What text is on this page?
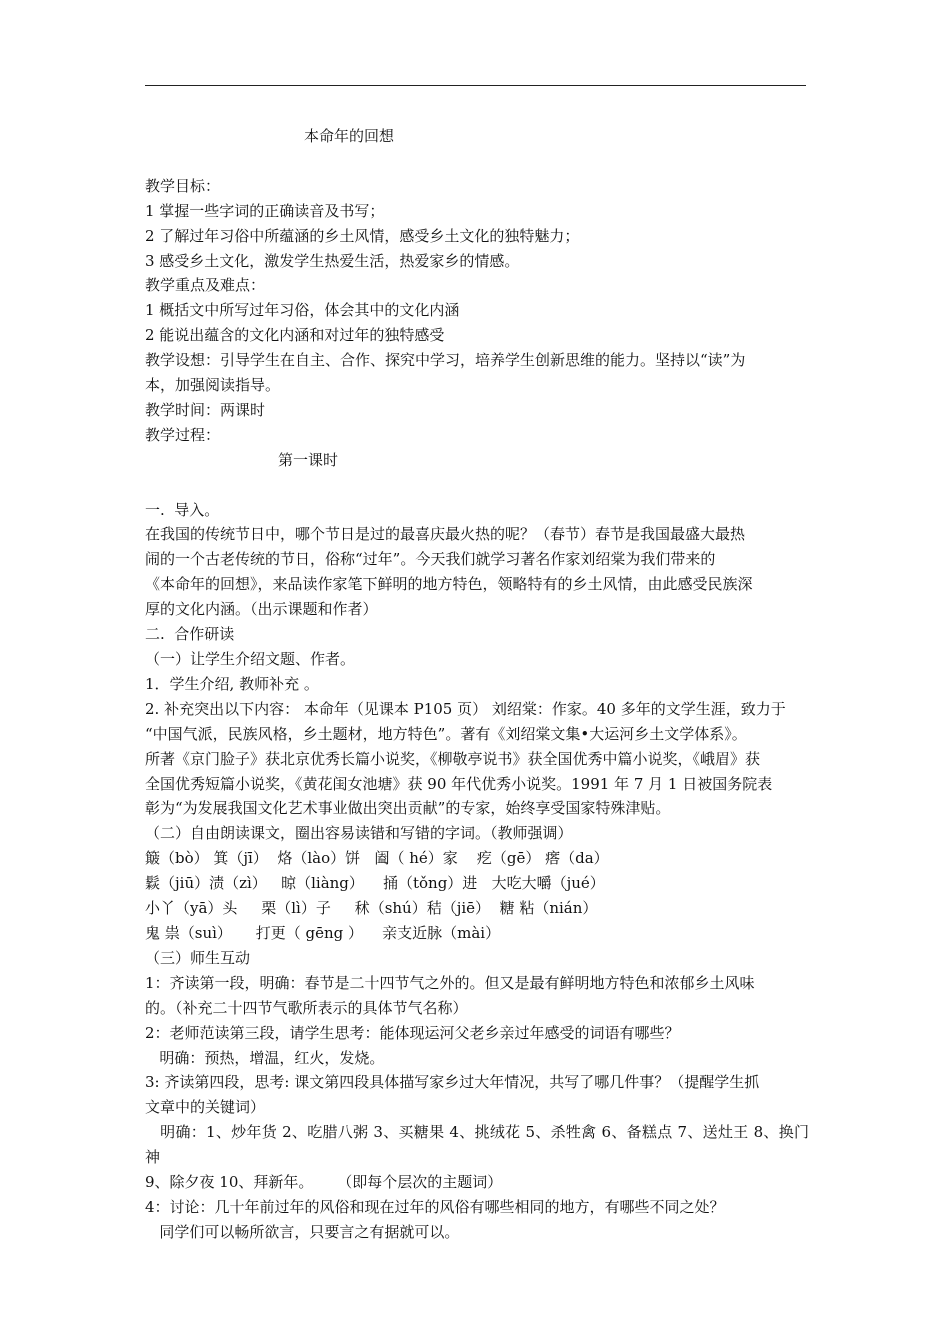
本命年的回想

教学目标：

1 掌握一些字词的正确读音及书写；

2 了解过年习俗中所蕴涵的乡土风情，感受乡土文化的独特魅力；

3 感受乡土文化，激发学生热爱生活，热爱家乡的情感。

教学重点及难点：

1 概括文中所写过年习俗，体会其中的文化内涵

2 能说出蕴含的文化内涵和对过年的独特感受

教学设想：引导学生在自主、合作、探究中学习，培养学生创新思维的能力。坚持以“读”为

本，加强阅读指导。

教学时间：两课时

教学过程：

第一课时

一.  导入。

在我国的传统节日中，哪个节日是过的最喜庆最火热的呢？（春节）春节是我国最盛大最热

闹的一个古老传统的节日，俗称“过年”。今天我们就学习著名作家刘绍棠为我们带来的

《本命年的回想》，来品读作家笔下鲜明的地方特色，领略特有的乡土风情，由此感受民族深

厚的文化内涵。（出示课题和作者）

二.  合作研读

（一）让学生介绍文题、作者。

1．学生介绍, 教师补充 。

2. 补充突出以下内容： 本命年（见课本 P105 页） 刘绍棠：作家。40 多年的文学生涯，致力于

“中国气派，民族风格，乡土题材，地方特色”。著有《刘绍棠文集•大运河乡土文学体系》。

所著《京门脸子》获北京优秀长篇小说奖，《柳敬亭说书》获全国优秀中篇小说奖，《峨眉》获

全国优秀短篇小说奖，《黄花闺女池塘》获 90 年代优秀小说奖。1991 年 7 月 1 日被国务院表

彰为“为发展我国文化艺术事业做出突出贡献”的专家，始终享受国家特殊津贴。

（二）自由朗读课文，圈出容易读错和写错的字词。（教师强调）

簸（bò） 箕（jī）  烙（lào）饼   阖（ hé）家    疙（gē） 瘩（da）

鬏（jiū）渍（zì）   晾（liàng）    捅（tǒng）进   大吃大嚼（jué）

小丫（yā）头     栗（lì）子     秫（shú）秸（jiē）  糖 粘（nián）

鬼 祟（suì）     打更（ gēng ）    亲支近脉（mài）

（三）师生互动

1：齐读第一段，明确：春节是二十四节气之外的。但又是最有鲜明地方特色和浓郁乡土风味

的。（补充二十四节气歌所表示的具体节气名称）

2：老师范读第三段，请学生思考：能体现运河父老乡亲过年感受的词语有哪些？

明确：预热，增温，红火，发烧。

3: 齐读第四段，思考: 课文第四段具体描写家乡过大年情况，共写了哪几件事？（提醒学生抓

文章中的关键词）

明确：1、炒年货 2、吃腊八粥 3、买糖果 4、挑绒花 5、杀牲禽 6、备糕点 7、送灶王 8、换门神

9、除夕夜 10、拜新年。     （即每个层次的主题词）

4：讨论：几十年前过年的风俗和现在过年的风俗有哪些相同的地方，有哪些不同之处？

同学们可以畅所欲言，只要言之有据就可以。
